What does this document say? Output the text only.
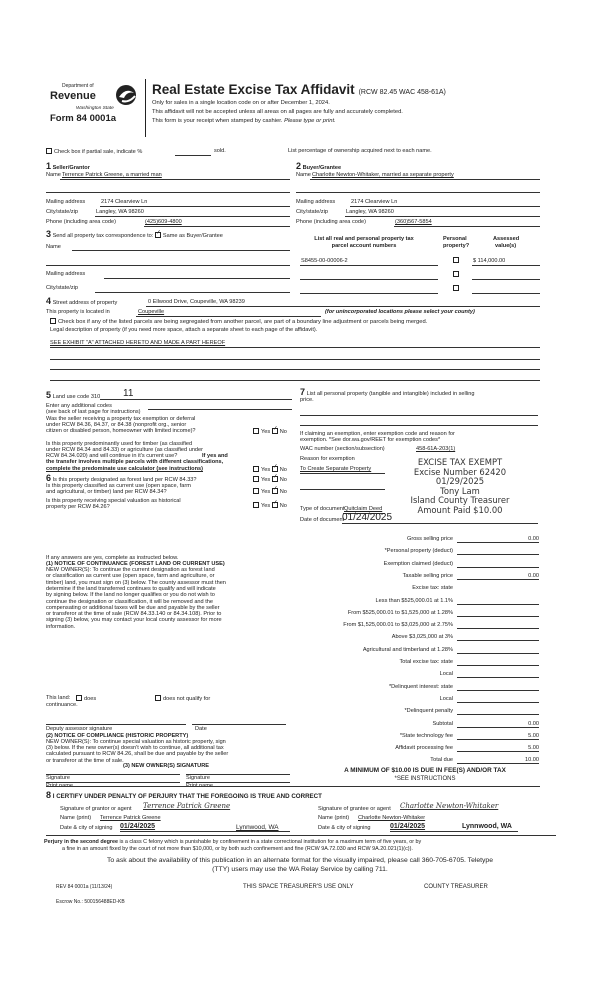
Department of
Revenue
Washington State
Form 84 0001a
Real Estate Excise Tax Affidavit (RCW 82.45 WAC 458-61A)
Only for sales in a single location code on or after December 1, 2024.
This affidavit will not be accepted unless all areas on all pages are fully and accurately completed.
This form is your receipt when stamped by cashier. Please type or print.
Check box if partial sale, indicate %	sold.	List percentage of ownership acquired next to each name.
1 Seller/Grantor
Name Terrence Patrick Greene, a married man
Mailing address	2174 Clearview Ln
City/state/zip	Langley, WA 98260
Phone (including area code)	(425)609-4800
2 Buyer/Grantee
Name Charlotte Newton-Whitaker, married as separate property
Mailing address	2174 Clearview Ln
City/state/zip	Langley, WA 98260
Phone (including area code)	(360)567-5854
3 Send all property tax correspondence to: ✓ Same as Buyer/Grantee
Name
Mailing address
City/state/zip
List all real and personal property tax
parcel account numbers
Personal
property?
Assessed
value(s)
S8455-00-00006-2	$ 114,000.00
4 Street address of property	0 Ellwood Drive, Coupeville, WA 98239
This property is located in	Coupeville	(for unincorporated locations please select your county)
Check box if any of the listed parcels are being segregated from another parcel, are part of a boundary line adjustment or parcels being merged.
Legal description of property (if you need more space, attach a separate sheet to each page of the affidavit).
SEE EXHIBIT "A" ATTACHED HERETO AND MADE A PART HEREOF
5 Land use code 310 11
Enter any additional codes
(see back of last page for instructions)
Was the seller receiving a property tax exemption or deferral
under RCW 84.36, 84.37, or 84.38 (nonprofit org., senior
citizen or disabled person, homeowner with limited income)?	Yes ✓No
Is this property predominantly used for timber (as classified
under RCW 84.34 and 84.33) or agriculture (as classified under
RCW 84.34.020) and will continue in it's current use?	If yes and
the transfer involves multiple parcels with different classifications,
complete the predominate use calculator (see instructions)	Yes ✓No
6 Is this property designated as forest land per RCW 84.33?	Yes ✓No
Is this property classified as current use (open space, farm
and agricultural, or timber) land per RCW 84.34?	Yes ✓No
Is this property receiving special valuation as historical
property per RCW 84.26?	Yes ✓No
If any answers are yes, complete as instructed below.
(1) NOTICE OF CONTINUANCE (FOREST LAND OR CURRENT USE)
NEW OWNER(S): To continue the current designation as forest land
or classification as current use (open space, farm and agriculture, or
timber) land, you must sign on (3) below. The county assessor must then
determine if the land transferred continues to qualify and will indicate
by signing below. If the land no longer qualifies or you do not wish to
continue the designation or classification, it will be removed and the
compensating or additional taxes will be due and payable by the seller
or transferor at the time of sale (RCW 84.33.140 or 84.34.108). Prior to
signing (3) below, you may contact your local county assessor for more
information.
This land:	does	does not qualify for
continuance.
Deputy assessor signature	Date
(2) NOTICE OF COMPLIANCE (HISTORIC PROPERTY)
NEW OWNER(S): To continue special valuation as historic property, sign
(3) below. If the new owner(s) doesn't wish to continue, all additional tax
calculated pursuant to RCW 84.26, shall be due and payable by the seller
or transferor at the time of sale.
(3) NEW OWNER(S) SIGNATURE
Signature	Signature
Print name	Print name
7 List all personal property (tangible and intangible) included in selling
price.
If claiming an exemption, enter exemption code and reason for
exemption. *See dor.wa.gov/REET for exemption codes*
WAC number (section/subsection)	458-61A-203(1)
Reason for exemption
To Create Separate Property
Type of document Quitclaim Deed
Date of document
01/24/2025
EXCISE TAX EXEMPT
Excise Number 62420
01/29/2025
Tony Lam
Island County Treasurer
Amount Paid $10.00
Gross selling price	0.00
*Personal property (deduct)
Exemption claimed (deduct)
Taxable selling price	0.00
Excise tax: state
Less than $525,000.01 at 1.1%
From $525,000.01 to $1,525,000 at 1.28%
From $1,525,000.01 to $3,025,000 at 2.75%
Above $3,025,000 at 3%
Agricultural and timberland at 1.28%
Total excise tax: state
Local
*Delinquent interest: state
Local
*Delinquent penalty
Subtotal	0.00
*State technology fee	5.00
Affidavit processing fee	5.00
Total due	10.00
A MINIMUM OF $10.00 IS DUE IN FEE(S) AND/OR TAX
*SEE INSTRUCTIONS
8 I CERTIFY UNDER PENALTY OF PERJURY THAT THE FOREGOING IS TRUE AND CORRECT
Signature of grantor or agent Terrence Patrick Greene
Name (print) Terrence Patrick Greene
Date & city of signing 01/24/2025	Lynnwood, WA
Signature of grantee or agent Charlotte Newton-Whitaker
Name (print) Charlotte Newton-Whitaker
Date & city of signing	01/24/2025	Lynnwood, WA
Perjury in the second degree is a class C felony which is punishable by confinement in a state correctional institution for a maximum term of five years, or by
a fine in an amount fixed by the court of not more than $10,000, or by both such confinement and fine (RCW 9A.72.030 and RCW 9A.20.021(1)(c)).
To ask about the availability of this publication in an alternate format for the visually impaired, please call 360-705-6705. Teletype
(TTY) users may use the WA Relay Service by calling 711.
REV 84 0001a (11/13/24)	THIS SPACE TREASURER'S USE ONLY	COUNTY TREASURER
Escrow No.: 500156488ED-KB
